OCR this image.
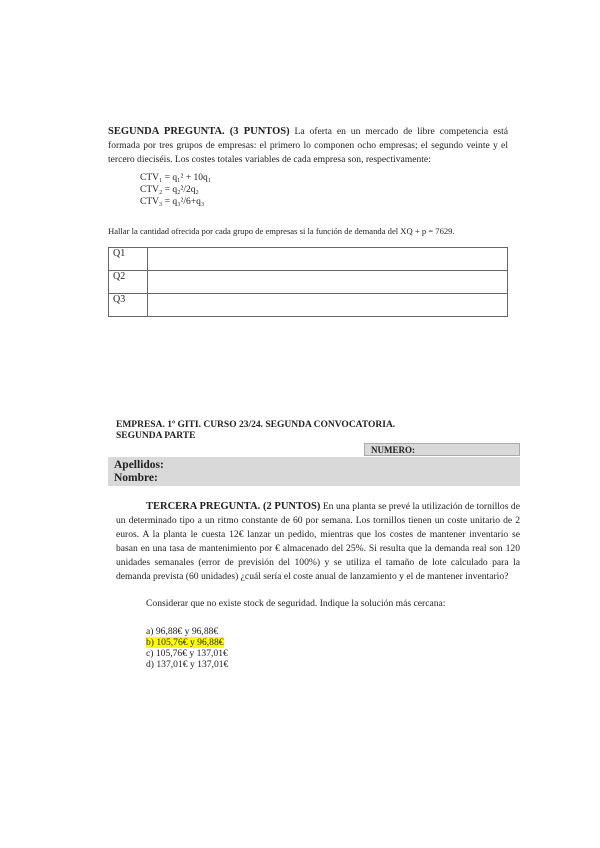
SEGUNDA PREGUNTA. (3 PUNTOS) La oferta en un mercado de libre competencia está formada por tres grupos de empresas: el primero lo componen ocho empresas; el segundo veinte y el tercero dieciséis. Los costes totales variables de cada empresa son, respectivamente:
CTV₁ = q₁² + 10q₁
CTV₂ = q₂²/2q₂
CTV₃ = q₃²/6+q₃
Hallar la cantidad ofrecida por cada grupo de empresas si la función de demanda del XQ + p = 7629.
Q1	
Q2	
Q3	
EMPRESA. 1º GITI. CURSO 23/24. SEGUNDA CONVOCATORIA.
SEGUNDA PARTE
NUMERO:
Apellidos:
Nombre:
TERCERA PREGUNTA. (2 PUNTOS) En una planta se prevé la utilización de tornillos de un determinado tipo a un ritmo constante de 60 por semana. Los tornillos tienen un coste unitario de 2 euros. A la planta le cuesta 12€ lanzar un pedido, mientras que los costes de mantener inventario se basan en una tasa de mantenimiento por € almacenado del 25%. Si resulta que la demanda real son 120 unidades semanales (error de previsión del 100%) y se utiliza el tamaño de lote calculado para la demanda prevista (60 unidades) ¿cuál sería el coste anual de lanzamiento y el de mantener inventario?
Considerar que no existe stock de seguridad. Indique la solución más cercana:
a) 96,88€ y 96,88€
b) 105,76€ y 96,88€
c) 105,76€ y 137,01€
d) 137,01€ y 137,01€
